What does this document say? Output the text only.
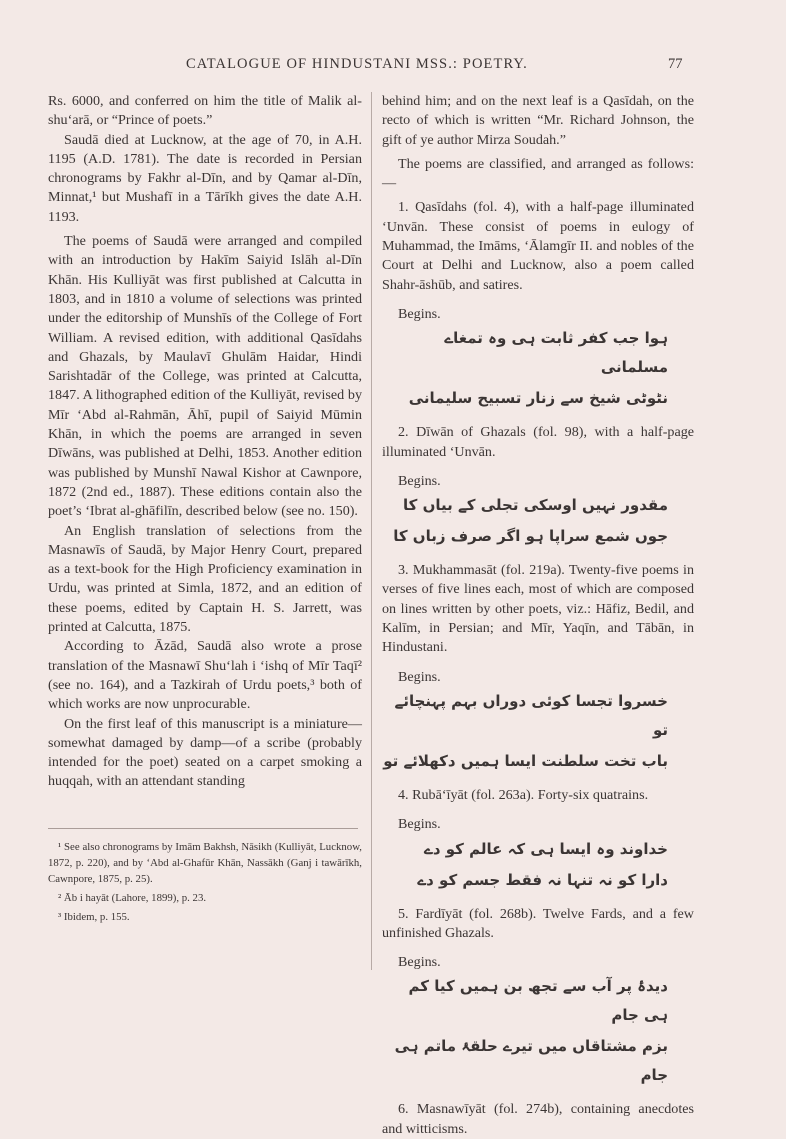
CATALOGUE OF HINDUSTANI MSS.: POETRY.	77

Rs. 6000, and conferred on him the title of Malik al-shu‘arā, or “Prince of poets.”

Saudā died at Lucknow, at the age of 70, in A.H. 1195 (A.D. 1781). The date is recorded in Persian chronograms by Fakhr al-Dīn, and by Qamar al-Dīn, Minnat,¹ but Mushafī in a Tārīkh gives the date A.H. 1193.

The poems of Saudā were arranged and compiled with an introduction by Hakīm Saiyid Islāh al-Dīn Khān. His Kulliyāt was first published at Calcutta in 1803, and in 1810 a volume of selections was printed under the editorship of Munshīs of the College of Fort William. A revised edition, with additional Qasīdahs and Ghazals, by Maulavī Ghulām Haidar, Hindi Sarishtadār of the College, was printed at Calcutta, 1847. A lithographed edition of the Kulliyāt, revised by Mīr ‘Abd al-Rahmān, Āhī, pupil of Saiyid Mūmin Khān, in which the poems are arranged in seven Dīwāns, was published at Delhi, 1853. Another edition was published by Munshī Nawal Kishor at Cawnpore, 1872 (2nd ed., 1887). These editions contain also the poet’s ‘Ibrat al-ghāfilīn, described below (see no. 150).

An English translation of selections from the Masnawīs of Saudā, by Major Henry Court, prepared as a text-book for the High Proficiency examination in Urdu, was printed at Simla, 1872, and an edition of these poems, edited by Captain H. S. Jarrett, was printed at Calcutta, 1875.

According to Āzād, Saudā also wrote a prose translation of the Masnawī Shu‘lah i ‘ishq of Mīr Taqī² (see no. 164), and a Tazkirah of Urdu poets,³ both of which works are now unprocurable.

On the first leaf of this manuscript is a miniature—somewhat damaged by damp—of a scribe (probably intended for the poet) seated on a carpet smoking a huqqah, with an attendant standing

¹ See also chronograms by Imām Bakhsh, Nāsikh (Kulliyāt, Lucknow, 1872, p. 220), and by ‘Abd al-Ghafūr Khān, Nassākh (Ganj i tawārīkh, Cawnpore, 1875, p. 25).

² Āb i hayāt (Lahore, 1899), p. 23.

³ Ibidem, p. 155.

behind him; and on the next leaf is a Qasīdah, on the recto of which is written “Mr. Richard Johnson, the gift of ye author Mirza Soudah.”

The poems are classified, and arranged as follows:—

1. Qasīdahs (fol. 4), with a half-page illuminated ‘Unvān. These consist of poems in eulogy of Muhammad, the Imāms, ‘Ālamgīr II. and nobles of the Court at Delhi and Lucknow, also a poem called Shahr-āshūb, and satires.

Begins.
ہوا جب کفر ثابت ہی وہ تمغاے مسلمانی
نٹوٹی شیخ سے زنار تسبیح سلیمانی

2. Dīwān of Ghazals (fol. 98), with a half-page illuminated ‘Unvān.

Begins.
مقدور نہیں اوسکی تجلی کے بیاں کا
جوں شمع سراپا ہو اگر صرف زباں کا

3. Mukhammasāt (fol. 219a). Twenty-five poems in verses of five lines each, most of which are composed on lines written by other poets, viz.: Hāfiz, Bedil, and Kalīm, in Persian; and Mīr, Yaqīn, and Tābān, in Hindustani.

Begins.
خسروا تجسا کوئی دوراں بہم پہنچائے تو
باب تخت سلطنت ایسا ہمیں دکھلائے تو

4. Rubā‘īyāt (fol. 263a). Forty-six quatrains.

Begins.
خداوند وہ ایسا ہی کہ عالم کو دے
دارا کو نہ تنہا نہ فقط جسم کو دے

5. Fardīyāt (fol. 268b). Twelve Fards, and a few unfinished Ghazals.

Begins.
دیدۂ پر آب سے تجھ بن ہمیں کیا کم ہی جام
بزم مشتاقاں میں تیرے حلقۂ ماتم ہی جام

6. Masnawīyāt (fol. 274b), containing anecdotes and witticisms.
